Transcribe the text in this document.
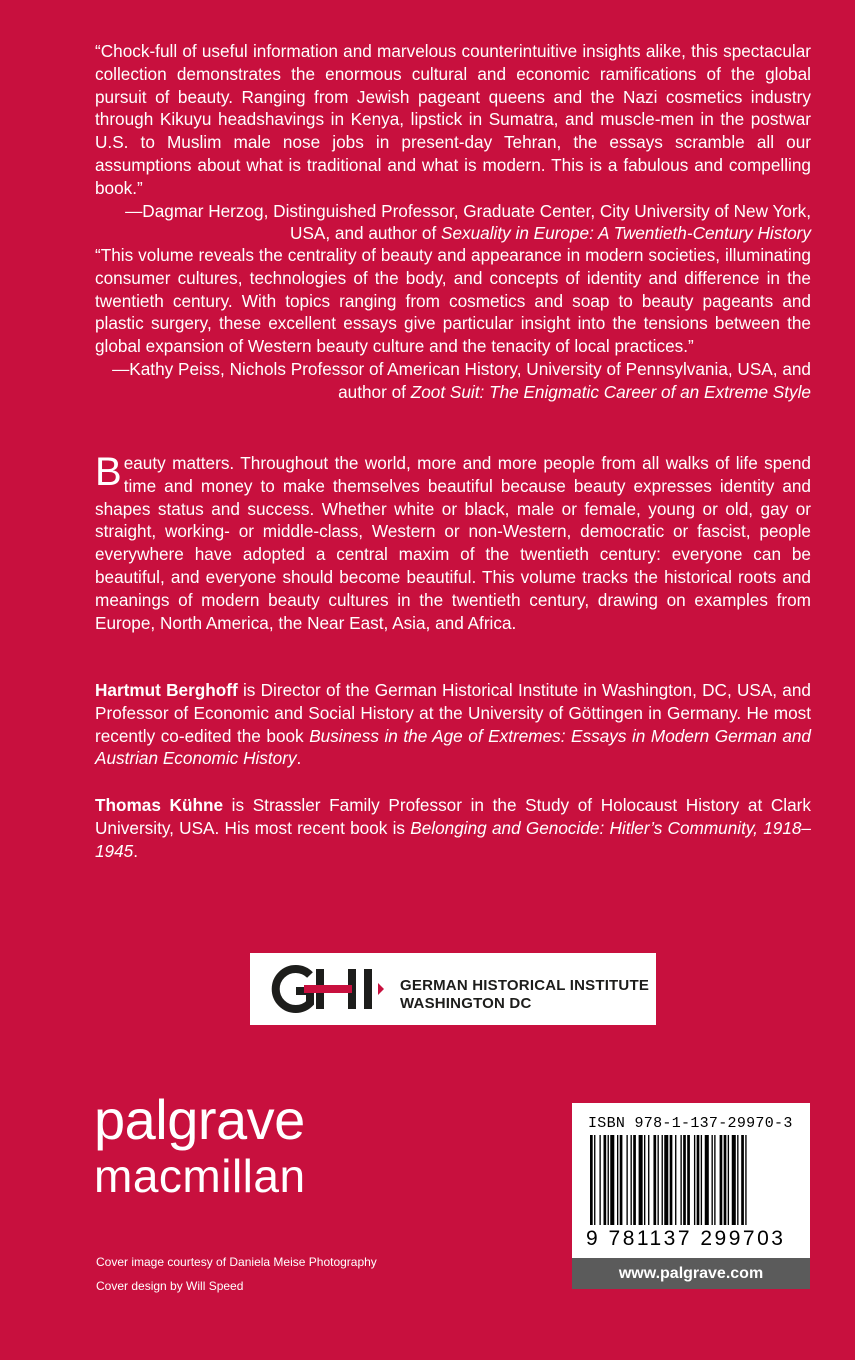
“Chock-full of useful information and marvelous counterintuitive insights alike, this spectacular collection demonstrates the enormous cultural and economic ramifications of the global pursuit of beauty. Ranging from Jewish pageant queens and the Nazi cosmetics industry through Kikuyu headshavings in Kenya, lipstick in Sumatra, and muscle-men in the postwar U.S. to Muslim male nose jobs in present-day Tehran, the essays scramble all our assumptions about what is traditional and what is modern. This is a fabulous and compelling book.”

—Dagmar Herzog, Distinguished Professor, Graduate Center, City University of New York, USA, and author of Sexuality in Europe: A Twentieth-Century History

“This volume reveals the centrality of beauty and appearance in modern societies, illuminating consumer cultures, technologies of the body, and concepts of identity and difference in the twentieth century. With topics ranging from cosmetics and soap to beauty pageants and plastic surgery, these excellent essays give particular insight into the tensions between the global expansion of Western beauty culture and the tenacity of local practices.”

—Kathy Peiss, Nichols Professor of American History, University of Pennsylvania, USA, and author of Zoot Suit: The Enigmatic Career of an Extreme Style

Beauty matters. Throughout the world, more and more people from all walks of life spend time and money to make themselves beautiful because beauty expresses identity and shapes status and success. Whether white or black, male or female, young or old, gay or straight, working- or middle-class, Western or non-Western, democratic or fascist, people everywhere have adopted a central maxim of the twentieth century: everyone can be beautiful, and everyone should become beautiful. This volume tracks the historical roots and meanings of modern beauty cultures in the twentieth century, drawing on examples from Europe, North America, the Near East, Asia, and Africa.

Hartmut Berghoff is Director of the German Historical Institute in Washington, DC, USA, and Professor of Economic and Social History at the University of Göttingen in Germany. He most recently co-edited the book Business in the Age of Extremes: Essays in Modern German and Austrian Economic History.

Thomas Kühne is Strassler Family Professor in the Study of Holocaust History at Clark University, USA. His most recent book is Belonging and Genocide: Hitler’s Community, 1918–1945.

GERMAN HISTORICAL INSTITUTE
WASHINGTON DC
palgrave
macmillan
Cover image courtesy of Daniela Meise Photography
Cover design by Will Speed
ISBN 978-1-137-29970-3
9 781137 299703
www.palgrave.com
